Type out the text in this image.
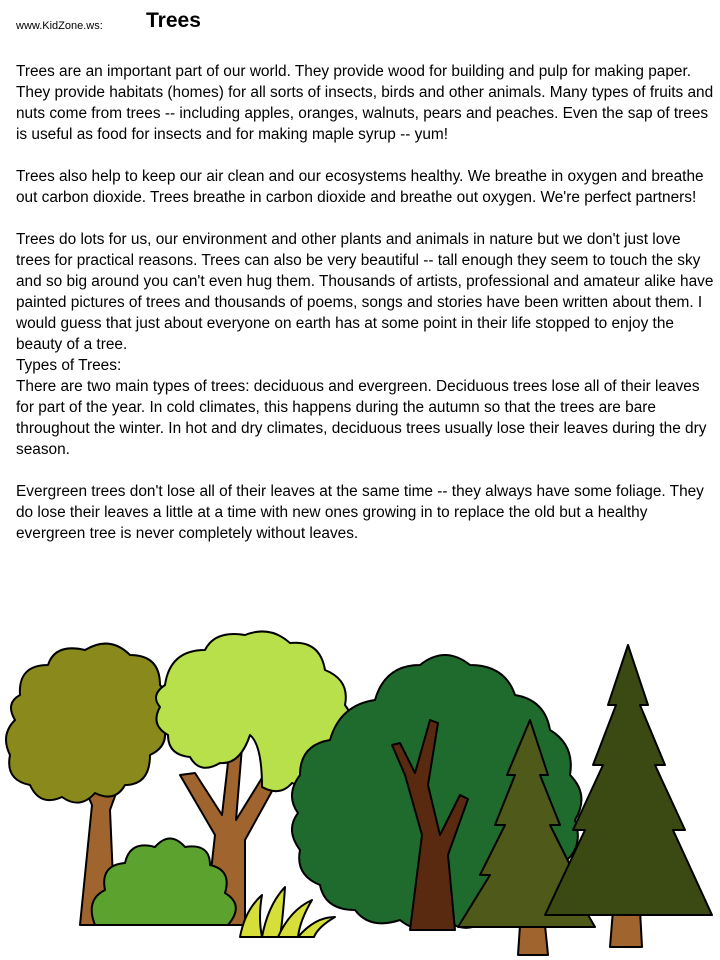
www.KidZone.ws: Trees

Trees are an important part of our world. They provide wood for building and pulp for making paper. They provide habitats (homes) for all sorts of insects, birds and other animals. Many types of fruits and nuts come from trees -- including apples, oranges, walnuts, pears and peaches. Even the sap of trees is useful as food for insects and for making maple syrup -- yum!

Trees also help to keep our air clean and our ecosystems healthy. We breathe in oxygen and breathe out carbon dioxide. Trees breathe in carbon dioxide and breathe out oxygen. We're perfect partners!

Trees do lots for us, our environment and other plants and animals in nature but we don't just love trees for practical reasons. Trees can also be very beautiful -- tall enough they seem to touch the sky and so big around you can't even hug them. Thousands of artists, professional and amateur alike have painted pictures of trees and thousands of poems, songs and stories have been written about them. I would guess that just about everyone on earth has at some point in their life stopped to enjoy the beauty of a tree.

Types of Trees:

There are two main types of trees: deciduous and evergreen. Deciduous trees lose all of their leaves for part of the year. In cold climates, this happens during the autumn so that the trees are bare throughout the winter. In hot and dry climates, deciduous trees usually lose their leaves during the dry season.

Evergreen trees don't lose all of their leaves at the same time -- they always have some foliage. They do lose their leaves a little at a time with new ones growing in to replace the old but a healthy evergreen tree is never completely without leaves.
